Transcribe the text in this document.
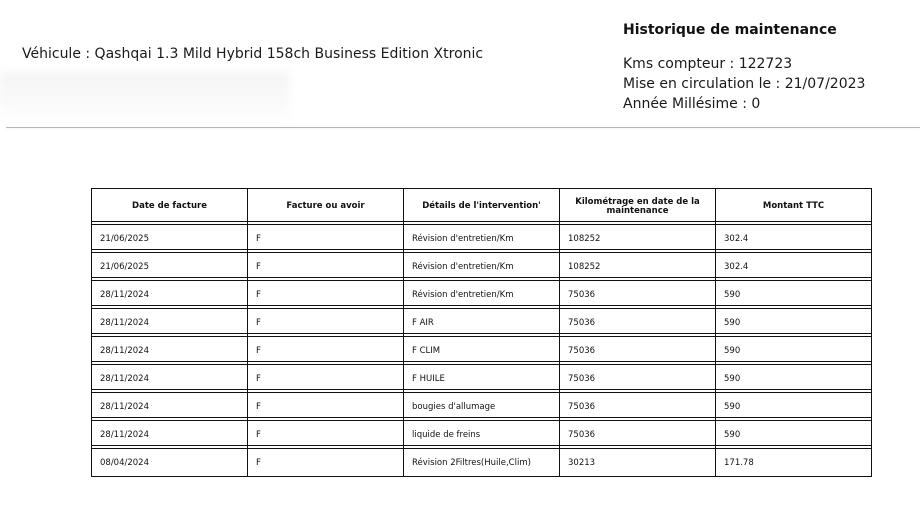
Véhicule : Qashqai 1.3 Mild Hybrid 158ch Business Edition Xtronic
Historique de maintenance
Kms compteur : 122723
Mise en circulation le : 21/07/2023
Année Millésime : 0
Date de facture	Facture ou avoir	Détails de l'intervention'	Kilométrage en date de la maintenance	Montant TTC
21/06/2025	F	Révision d'entretien/Km	108252	302.4
21/06/2025	F	Révision d'entretien/Km	108252	302.4
28/11/2024	F	Révision d'entretien/Km	75036	590
28/11/2024	F	F AIR	75036	590
28/11/2024	F	F CLIM	75036	590
28/11/2024	F	F HUILE	75036	590
28/11/2024	F	bougies d'allumage	75036	590
28/11/2024	F	liquide de freins	75036	590
08/04/2024	F	Révision 2Filtres(Huile,Clim)	30213	171.78
